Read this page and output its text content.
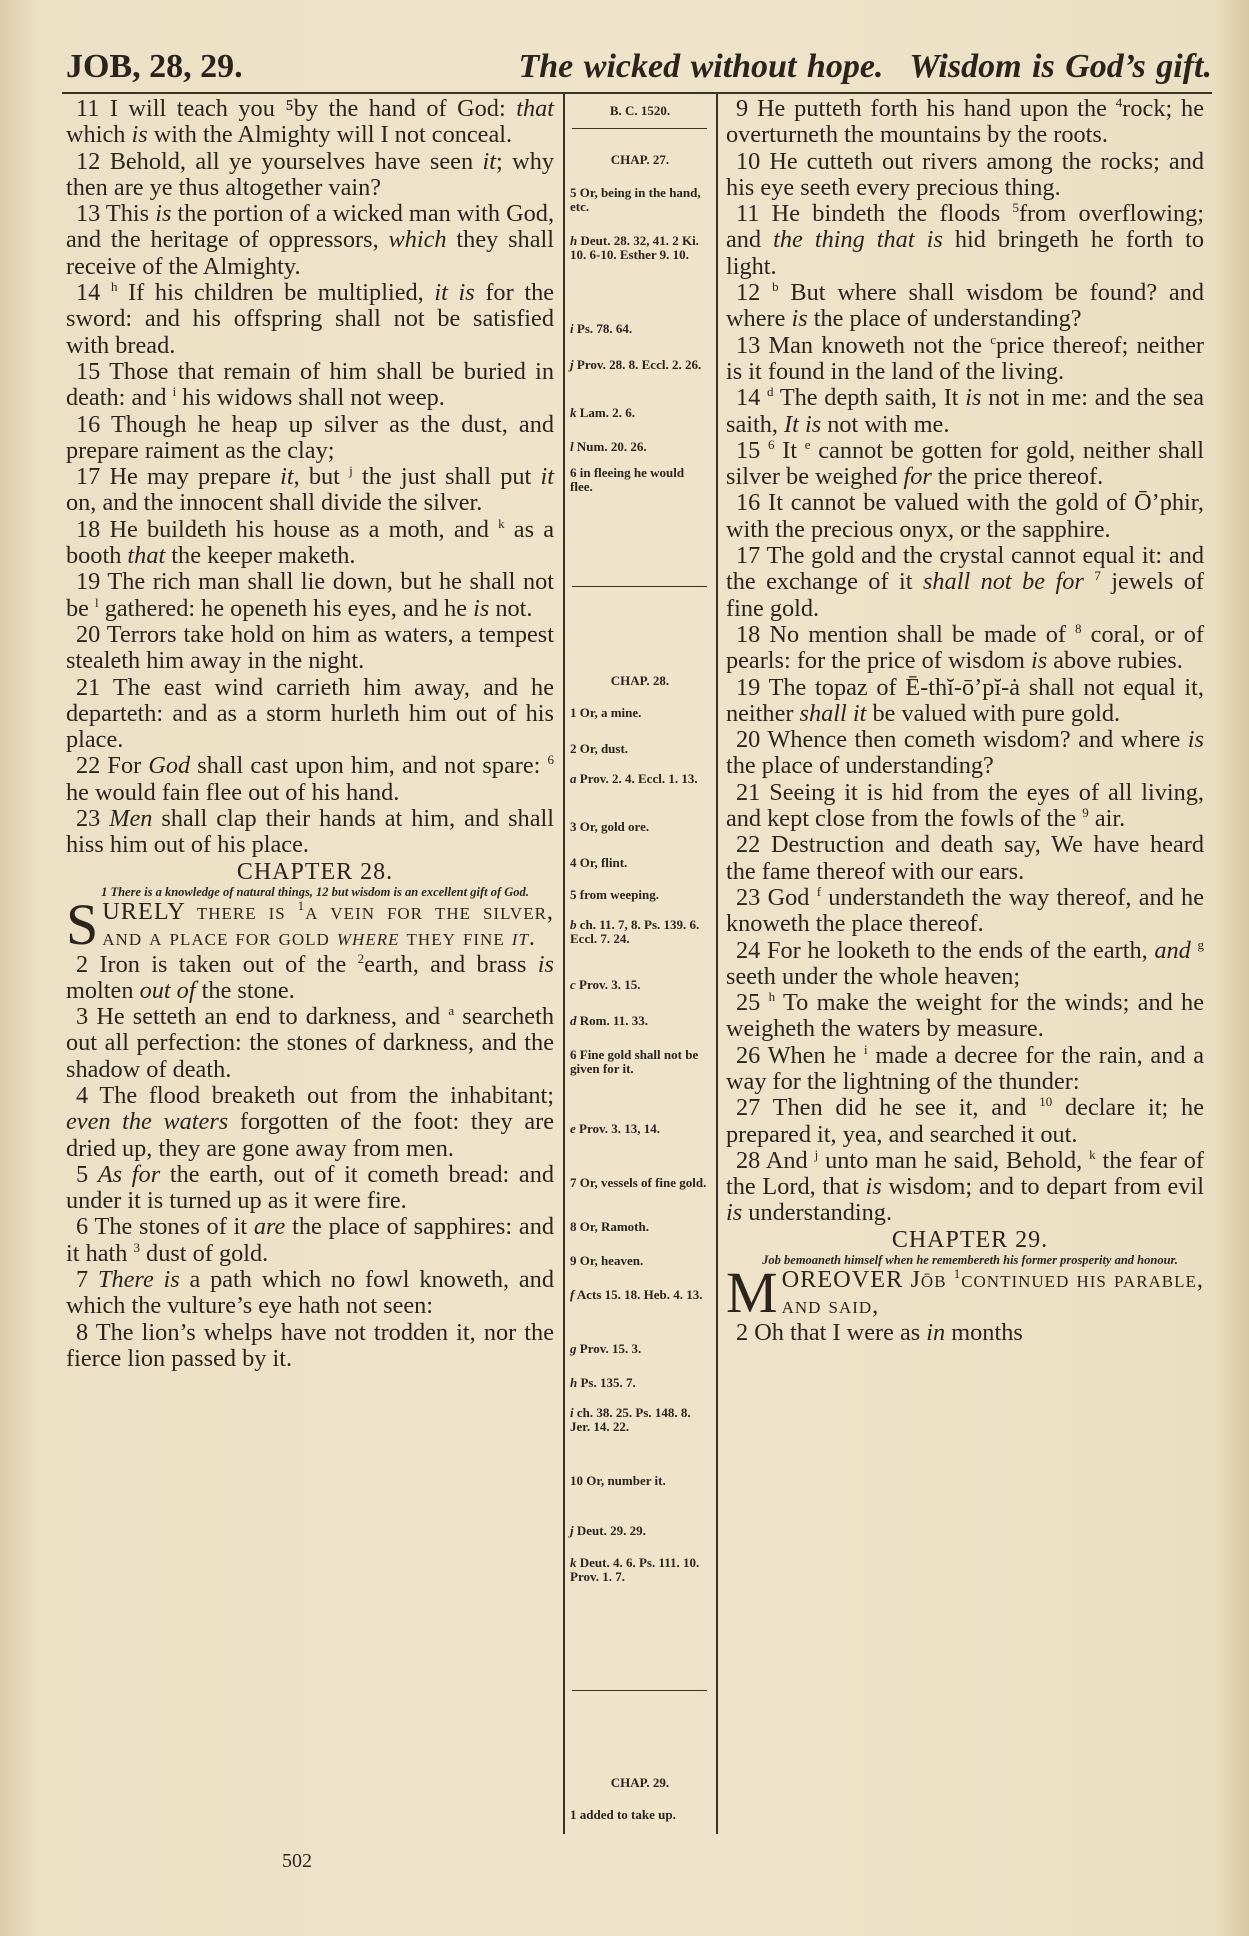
JOB, 28, 29.	The wicked without hope. Wisdom is God’s gift.

11 I will teach you ⁵by the hand of God: that which is with the Almighty will I not conceal.

12 Behold, all ye yourselves have seen it; why then are ye thus altogether vain?

13 This is the portion of a wicked man with God, and the heritage of oppressors, which they shall receive of the Almighty.

14 $^h$ If his children be multiplied, it is for the sword: and his offspring shall not be satisfied with bread.

15 Those that remain of him shall be buried in death: and $^i$ his widows shall not weep.

16 Though he heap up silver as the dust, and prepare raiment as the clay;

17 He may prepare it, but $^j$ the just shall put it on, and the innocent shall divide the silver.

18 He buildeth his house as a moth, and $^k$ as a booth that the keeper maketh.

19 The rich man shall lie down, but he shall not be $^l$ gathered: he openeth his eyes, and he is not.

20 Terrors take hold on him as waters, a tempest stealeth him away in the night.

21 The east wind carrieth him away, and he departeth: and as a storm hurleth him out of his place.

22 For God shall cast upon him, and not spare: $^6$ he would fain flee out of his hand.

23 Men shall clap their hands at him, and shall hiss him out of his place.

CHAPTER 28.

1 There is a knowledge of natural things, 12 but wisdom is an excellent gift of God.

SURELY there is $^1$a vein for the silver, and a place for gold where they fine it.

2 Iron is taken out of the $^2$earth, and brass is molten out of the stone.

3 He setteth an end to darkness, and $^a$ searcheth out all perfection: the stones of darkness, and the shadow of death.

4 The flood breaketh out from the inhabitant; even the waters forgotten of the foot: they are dried up, they are gone away from men.

5 As for the earth, out of it cometh bread: and under it is turned up as it were fire.

6 The stones of it are the place of sapphires: and it hath $^3$ dust of gold.

7 There is a path which no fowl knoweth, and which the vulture’s eye hath not seen:

8 The lion’s whelps have not trodden it, nor the fierce lion passed by it.

B. C. 1520.
CHAP. 27.
5 Or, being in the hand, etc.
h Deut. 28. 32, 41. 2 Ki. 10. 6-10. Esther 9. 10.
i Ps. 78. 64.
j Prov. 28. 8. Eccl. 2. 26.
k Lam. 2. 6.
l Num. 20. 26.
6 in fleeing he would flee.
CHAP. 28.
1 Or, a mine.
2 Or, dust.
a Prov. 2. 4. Eccl. 1. 13.
3 Or, gold ore.
4 Or, flint.
5 from weeping.
b ch. 11. 7, 8. Ps. 139. 6. Eccl. 7. 24.
c Prov. 3. 15.
d Rom. 11. 33.
6 Fine gold shall not be given for it.
e Prov. 3. 13, 14.
7 Or, vessels of fine gold.
8 Or, Ramoth.
9 Or, heaven.
f Acts 15. 18. Heb. 4. 13.
g Prov. 15. 3.
h Ps. 135. 7.
i ch. 38. 25. Ps. 148. 8. Jer. 14. 22.
10 Or, number it.
j Deut. 29. 29.
k Deut. 4. 6. Ps. 111. 10. Prov. 1. 7.
CHAP. 29.
1 added to take up.

9 He putteth forth his hand upon the $^4$rock; he overturneth the mountains by the roots.

10 He cutteth out rivers among the rocks; and his eye seeth every precious thing.

11 He bindeth the floods $^5$from overflowing; and the thing that is hid bringeth he forth to light.

12 $^b$ But where shall wisdom be found? and where is the place of understanding?

13 Man knoweth not the $^c$price thereof; neither is it found in the land of the living.

14 $^d$ The depth saith, It is not in me: and the sea saith, It is not with me.

15 $^6$ It $^e$ cannot be gotten for gold, neither shall silver be weighed for the price thereof.

16 It cannot be valued with the gold of Ō’phir, with the precious onyx, or the sapphire.

17 The gold and the crystal cannot equal it: and the exchange of it shall not be for $^7$ jewels of fine gold.

18 No mention shall be made of $^8$ coral, or of pearls: for the price of wisdom is above rubies.

19 The topaz of Ē-thĭ-ō’pĭ-ȧ shall not equal it, neither shall it be valued with pure gold.

20 Whence then cometh wisdom? and where is the place of understanding?

21 Seeing it is hid from the eyes of all living, and kept close from the fowls of the $^9$ air.

22 Destruction and death say, We have heard the fame thereof with our ears.

23 God $^f$ understandeth the way thereof, and he knoweth the place thereof.

24 For he looketh to the ends of the earth, and $^g$ seeth under the whole heaven;

25 $^h$ To make the weight for the winds; and he weigheth the waters by measure.

26 When he $^i$ made a decree for the rain, and a way for the lightning of the thunder:

27 Then did he see it, and $^{10}$ declare it; he prepared it, yea, and searched it out.

28 And $^j$ unto man he said, Behold, $^k$ the fear of the Lord, that is wisdom; and to depart from evil is understanding.

CHAPTER 29.

Job bemoaneth himself when he remembereth his former prosperity and honour.

MOREOVER Jōb $^1$continued his parable, and said,

2 Oh that I were as in months

502
